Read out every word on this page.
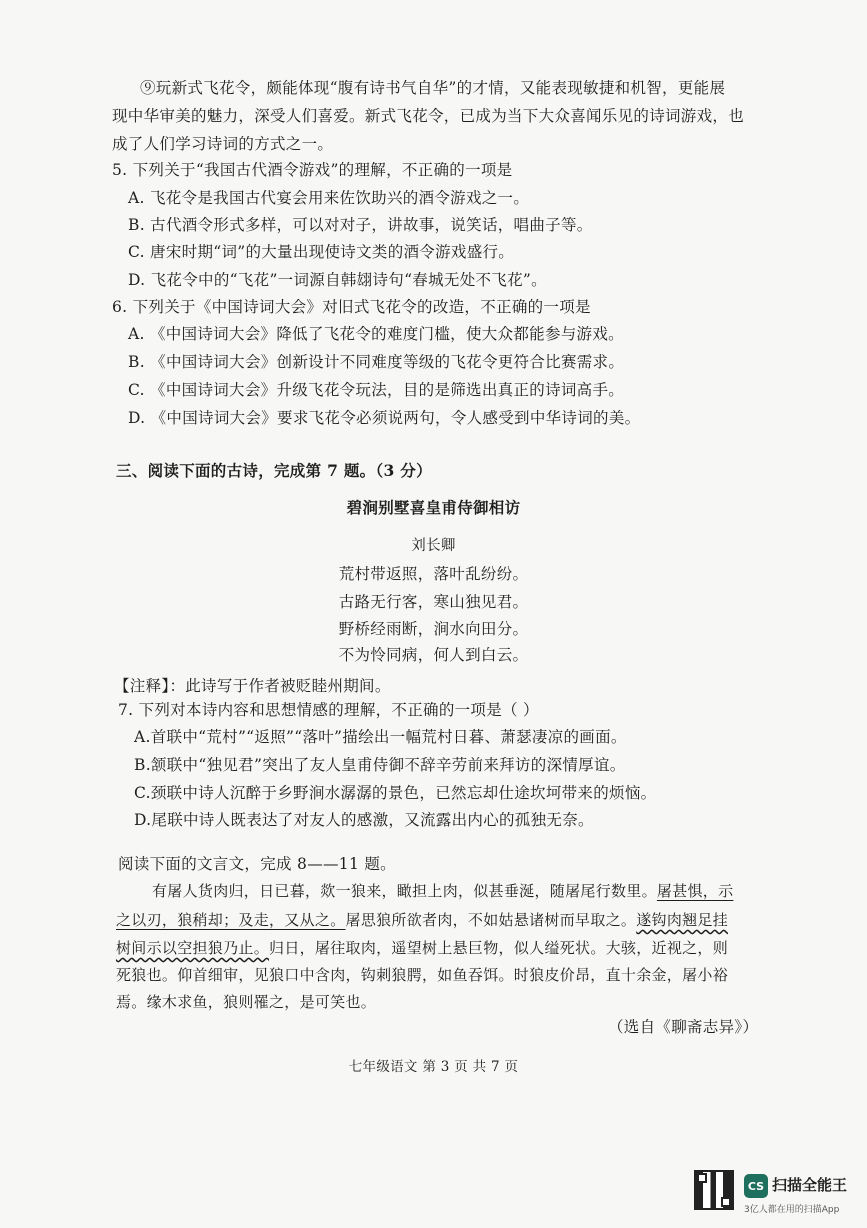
⑨玩新式飞花令，颇能体现“腹有诗书气自华”的才情，又能表现敏捷和机智，更能展
现中华审美的魅力，深受人们喜爱。新式飞花令，已成为当下大众喜闻乐见的诗词游戏，也
成了人们学习诗词的方式之一。
5. 下列关于“我国古代酒令游戏”的理解，不正确的一项是
A. 飞花令是我国古代宴会用来佐饮助兴的酒令游戏之一。
B. 古代酒令形式多样，可以对对子，讲故事，说笑话，唱曲子等。
C. 唐宋时期“词”的大量出现使诗文类的酒令游戏盛行。
D. 飞花令中的“飞花”一词源自韩翃诗句“春城无处不飞花”。
6. 下列关于《中国诗词大会》对旧式飞花令的改造，不正确的一项是
A. 《中国诗词大会》降低了飞花令的难度门槛，使大众都能参与游戏。
B. 《中国诗词大会》创新设计不同难度等级的飞花令更符合比赛需求。
C. 《中国诗词大会》升级飞花令玩法，目的是筛选出真正的诗词高手。
D. 《中国诗词大会》要求飞花令必须说两句，令人感受到中华诗词的美。
三、阅读下面的古诗，完成第 7 题。（3 分）
碧涧别墅喜皇甫侍御相访
刘长卿
荒村带返照，落叶乱纷纷。
古路无行客，寒山独见君。
野桥经雨断，涧水向田分。
不为怜同病，何人到白云。
【注释】：此诗写于作者被贬睦州期间。
7. 下列对本诗内容和思想情感的理解，不正确的一项是（ ）
A.首联中“荒村”“返照”“落叶”描绘出一幅荒村日暮、萧瑟凄凉的画面。
B.颔联中“独见君”突出了友人皇甫侍御不辞辛劳前来拜访的深情厚谊。
C.颈联中诗人沉醉于乡野涧水潺潺的景色，已然忘却仕途坎坷带来的烦恼。
D.尾联中诗人既表达了对友人的感激，又流露出内心的孤独无奈。
阅读下面的文言文，完成 8——11 题。
有屠人货肉归，日已暮，欻一狼来，瞰担上肉，似甚垂涎，随屠尾行数里。屠甚惧，示
之以刃，狼稍却；及走，又从之。屠思狼所欲者肉，不如姑悬诸树而早取之。遂钩肉翘足挂
树间示以空担狼乃止。归日，屠往取肉，遥望树上悬巨物，似人缢死状。大骇，近视之，则
死狼也。仰首细审，见狼口中含肉，钩刺狼腭，如鱼吞饵。时狼皮价昂，直十余金，屠小裕
焉。缘木求鱼，狼则罹之，是可笑也。
（选自《聊斋志异》）
七年级语文 第 3 页 共 7 页
CS 扫描全能王
3亿人都在用的扫描App
